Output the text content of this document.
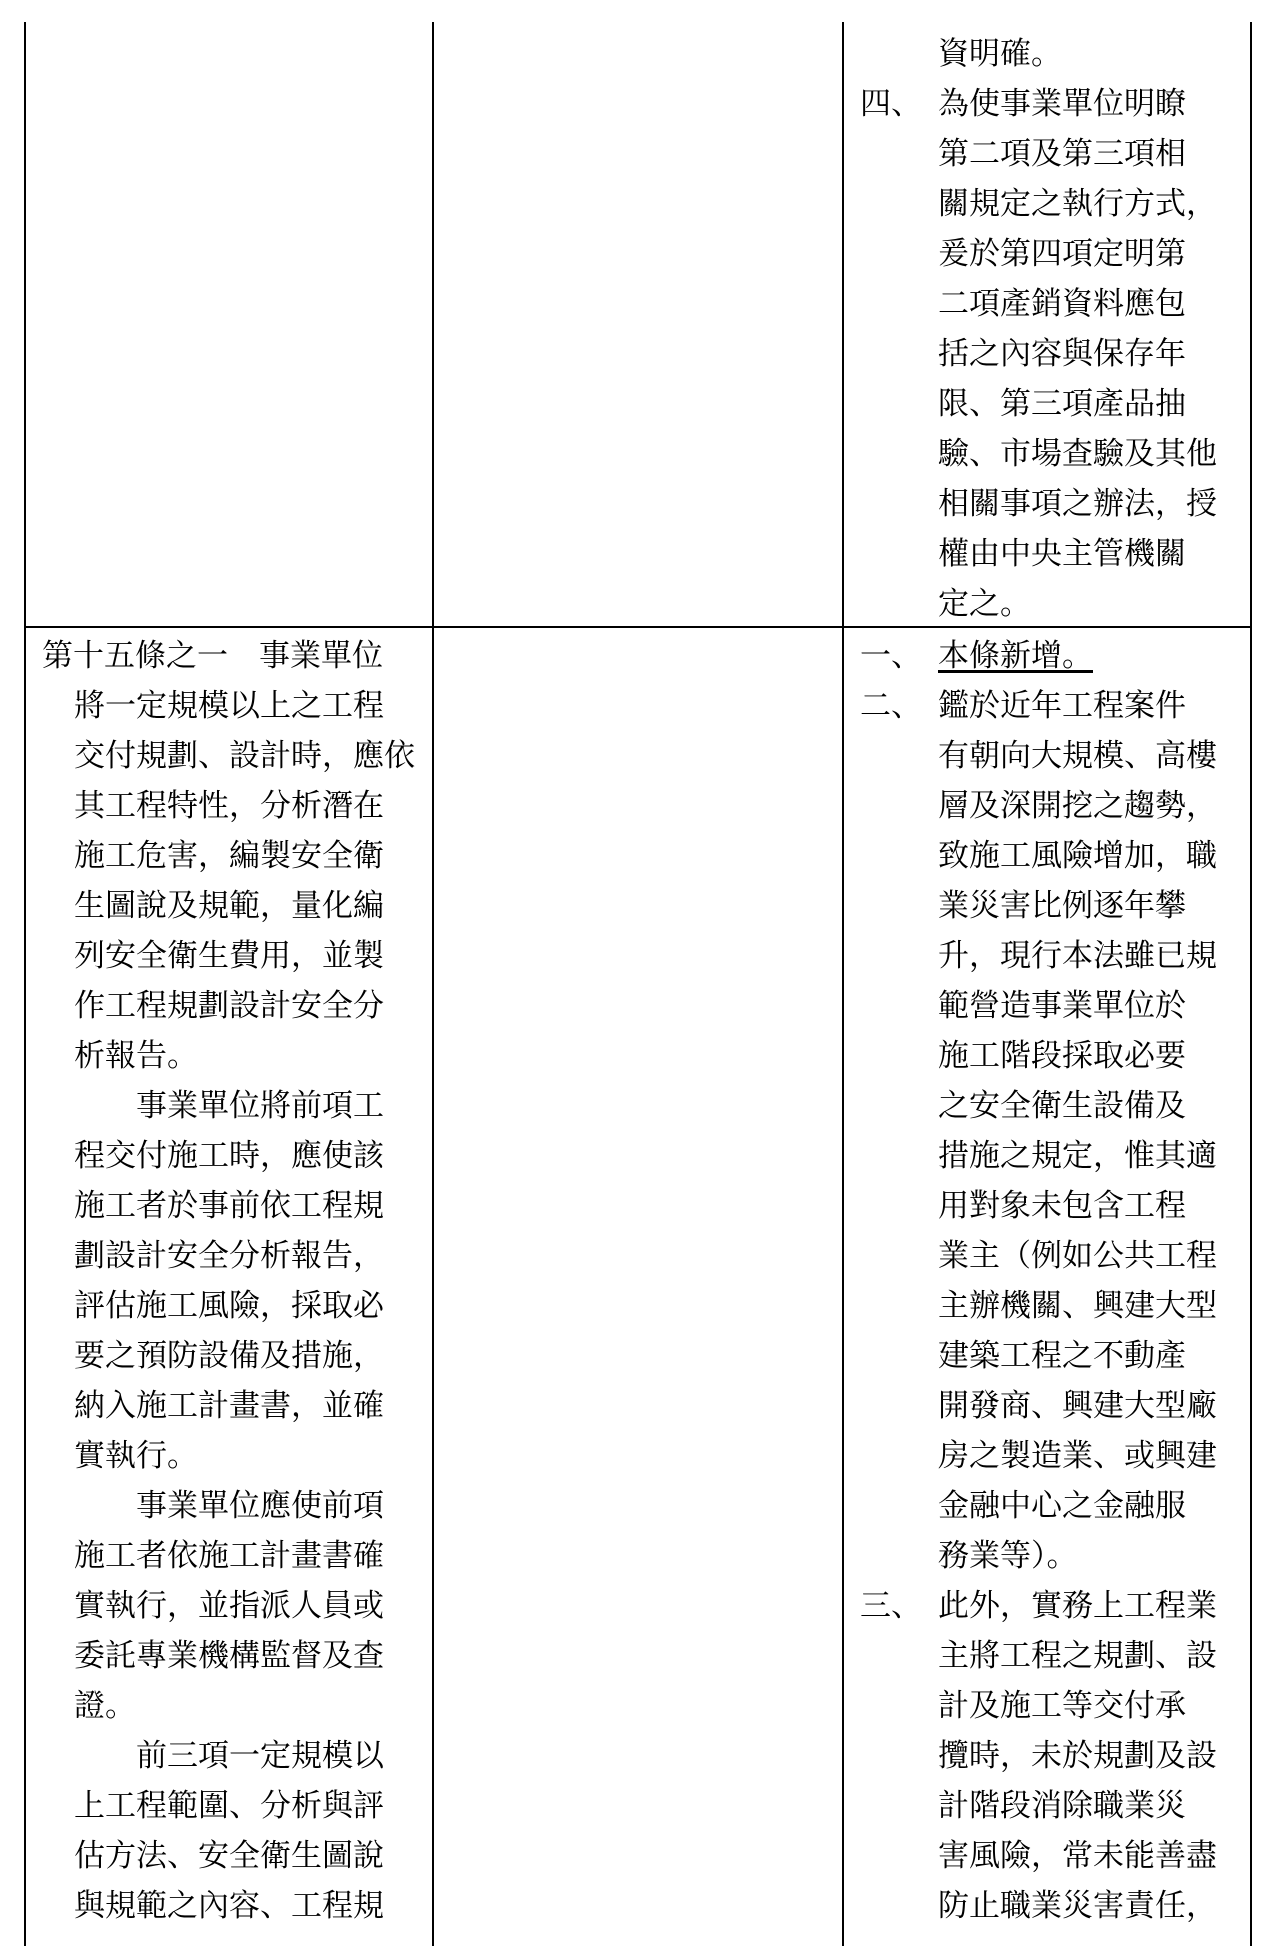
資明確。
四、 為使事業單位明瞭
第二項及第三項相
關規定之執行方式，
爰於第四項定明第
二項產銷資料應包
括之內容與保存年
限、第三項產品抽
驗、市場查驗及其他
相關事項之辦法，授
權由中央主管機關
定之。
第十五條之一　事業單位
將一定規模以上之工程
交付規劃、設計時，應依
其工程特性，分析潛在
施工危害，編製安全衛
生圖說及規範，量化編
列安全衛生費用，並製
作工程規劃設計安全分
析報告。
　　事業單位將前項工
程交付施工時，應使該
施工者於事前依工程規
劃設計安全分析報告，
評估施工風險，採取必
要之預防設備及措施，
納入施工計畫書，並確
實執行。
　　事業單位應使前項
施工者依施工計畫書確
實執行，並指派人員或
委託專業機構監督及查
證。
　　前三項一定規模以
上工程範圍、分析與評
估方法、安全衛生圖說
與規範之內容、工程規
一、 本條新增。
二、 鑑於近年工程案件
有朝向大規模、高樓
層及深開挖之趨勢，
致施工風險增加，職
業災害比例逐年攀
升，現行本法雖已規
範營造事業單位於
施工階段採取必要
之安全衛生設備及
措施之規定，惟其適
用對象未包含工程
業主（例如公共工程
主辦機關、興建大型
建築工程之不動產
開發商、興建大型廠
房之製造業、或興建
金融中心之金融服
務業等）。
三、 此外，實務上工程業
主將工程之規劃、設
計及施工等交付承
攬時，未於規劃及設
計階段消除職業災
害風險，常未能善盡
防止職業災害責任，
